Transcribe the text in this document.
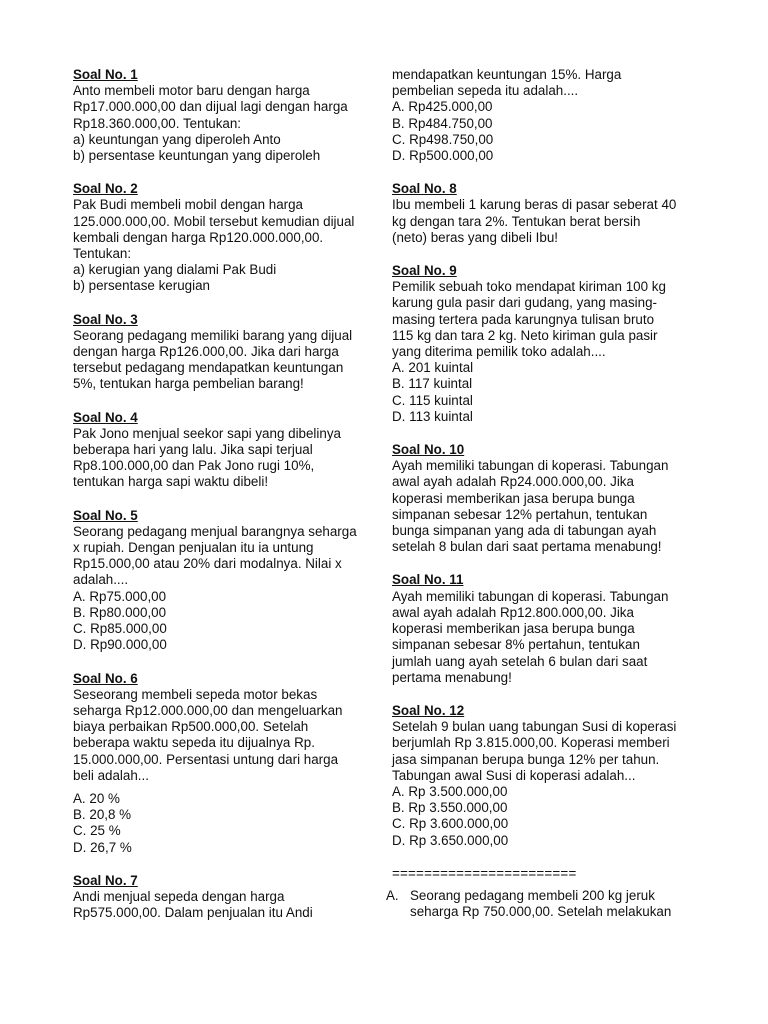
Soal No. 1
Anto membeli motor baru dengan harga
Rp17.000.000,00 dan dijual lagi dengan harga
Rp18.360.000,00. Tentukan:
a) keuntungan yang diperoleh Anto
b) persentase keuntungan yang diperoleh
Soal No. 2
Pak Budi membeli mobil dengan harga
125.000.000,00. Mobil tersebut kemudian dijual
kembali dengan harga Rp120.000.000,00.
Tentukan:
a) kerugian yang dialami Pak Budi
b) persentase kerugian
Soal No. 3
Seorang pedagang memiliki barang yang dijual
dengan harga Rp126.000,00. Jika dari harga
tersebut pedagang mendapatkan keuntungan
5%, tentukan harga pembelian barang!
Soal No. 4
Pak Jono menjual seekor sapi yang dibelinya
beberapa hari yang lalu. Jika sapi terjual
Rp8.100.000,00 dan Pak Jono rugi 10%,
tentukan harga sapi waktu dibeli!
Soal No. 5
Seorang pedagang menjual barangnya seharga
x rupiah. Dengan penjualan itu ia untung
Rp15.000,00 atau 20% dari modalnya. Nilai x
adalah....
A. Rp75.000,00
B. Rp80.000,00
C. Rp85.000,00
D. Rp90.000,00
Soal No. 6
Seseorang membeli sepeda motor bekas
seharga Rp12.000.000,00 dan mengeluarkan
biaya perbaikan Rp500.000,00. Setelah
beberapa waktu sepeda itu dijualnya Rp.
15.000.000,00. Persentasi untung dari harga
beli adalah...
A. 20 %
B. 20,8 %
C. 25 %
D. 26,7 %
Soal No. 7
Andi menjual sepeda dengan harga
Rp575.000,00. Dalam penjualan itu Andi
mendapatkan keuntungan 15%. Harga
pembelian sepeda itu adalah....
A. Rp425.000,00
B. Rp484.750,00
C. Rp498.750,00
D. Rp500.000,00
Soal No. 8
Ibu membeli 1 karung beras di pasar seberat 40
kg dengan tara 2%. Tentukan berat bersih
(neto) beras yang dibeli Ibu!
Soal No. 9
Pemilik sebuah toko mendapat kiriman 100 kg
karung gula pasir dari gudang, yang masing-
masing tertera pada karungnya tulisan bruto
115 kg dan tara 2 kg. Neto kiriman gula pasir
yang diterima pemilik toko adalah....
A. 201 kuintal
B. 117 kuintal
C. 115 kuintal
D. 113 kuintal
Soal No. 10
Ayah memiliki tabungan di koperasi. Tabungan
awal ayah adalah Rp24.000.000,00. Jika
koperasi memberikan jasa berupa bunga
simpanan sebesar 12% pertahun, tentukan
bunga simpanan yang ada di tabungan ayah
setelah 8 bulan dari saat pertama menabung!
Soal No. 11
Ayah memiliki tabungan di koperasi. Tabungan
awal ayah adalah Rp12.800.000,00. Jika
koperasi memberikan jasa berupa bunga
simpanan sebesar 8% pertahun, tentukan
jumlah uang ayah setelah 6 bulan dari saat
pertama menabung!
Soal No. 12
Setelah 9 bulan uang tabungan Susi di koperasi
berjumlah Rp 3.815.000,00. Koperasi memberi
jasa simpanan berupa bunga 12% per tahun.
Tabungan awal Susi di koperasi adalah...
A. Rp 3.500.000,00
B. Rp 3.550.000,00
C. Rp 3.600.000,00
D. Rp 3.650.000,00
=======================
A. Seorang pedagang membeli 200 kg jeruk
seharga Rp 750.000,00. Setelah melakukan
